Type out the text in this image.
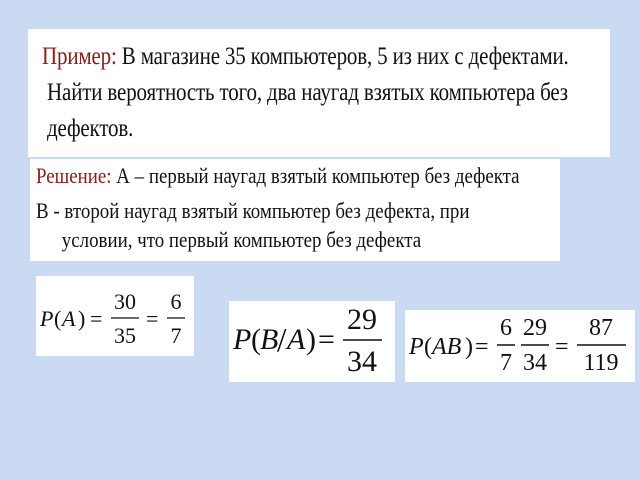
Пример: В магазине 35 компьютеров, 5 из них с дефектами.
Найти вероятность того, два наугад взятых компьютера без
дефектов.
Решение: А – первый наугад взятый компьютер без дефекта
В - второй наугад взятый компьютер без дефекта, при
условии, что первый компьютер без дефекта
P ( A ) =
30
35
=
6
7 P ( B
/ A ) =
29
34 P ( AB ) =
6
7
29
34
=
87
119
